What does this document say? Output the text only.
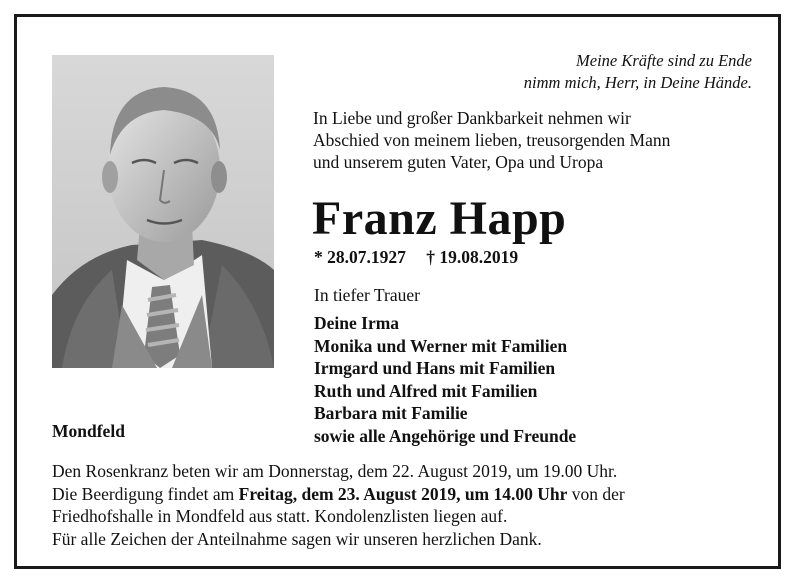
Meine Kräfte sind zu Ende
nimm mich, Herr, in Deine Hände.
In Liebe und großer Dankbarkeit nehmen wir
Abschied von meinem lieben, treusorgenden Mann
und unserem guten Vater, Opa und Uropa
Franz Happ
* 28.07.1927 † 19.08.2019
In tiefer Trauer
Deine Irma
Monika und Werner mit Familien
Irmgard und Hans mit Familien
Ruth und Alfred mit Familien
Barbara mit Familie
sowie alle Angehörige und Freunde
Mondfeld
Den Rosenkranz beten wir am Donnerstag, dem 22. August 2019, um 19.00 Uhr.
Die Beerdigung findet am Freitag, dem 23. August 2019, um 14.00 Uhr von der
Friedhofshalle in Mondfeld aus statt. Kondolenzlisten liegen auf.
Für alle Zeichen der Anteilnahme sagen wir unseren herzlichen Dank.
